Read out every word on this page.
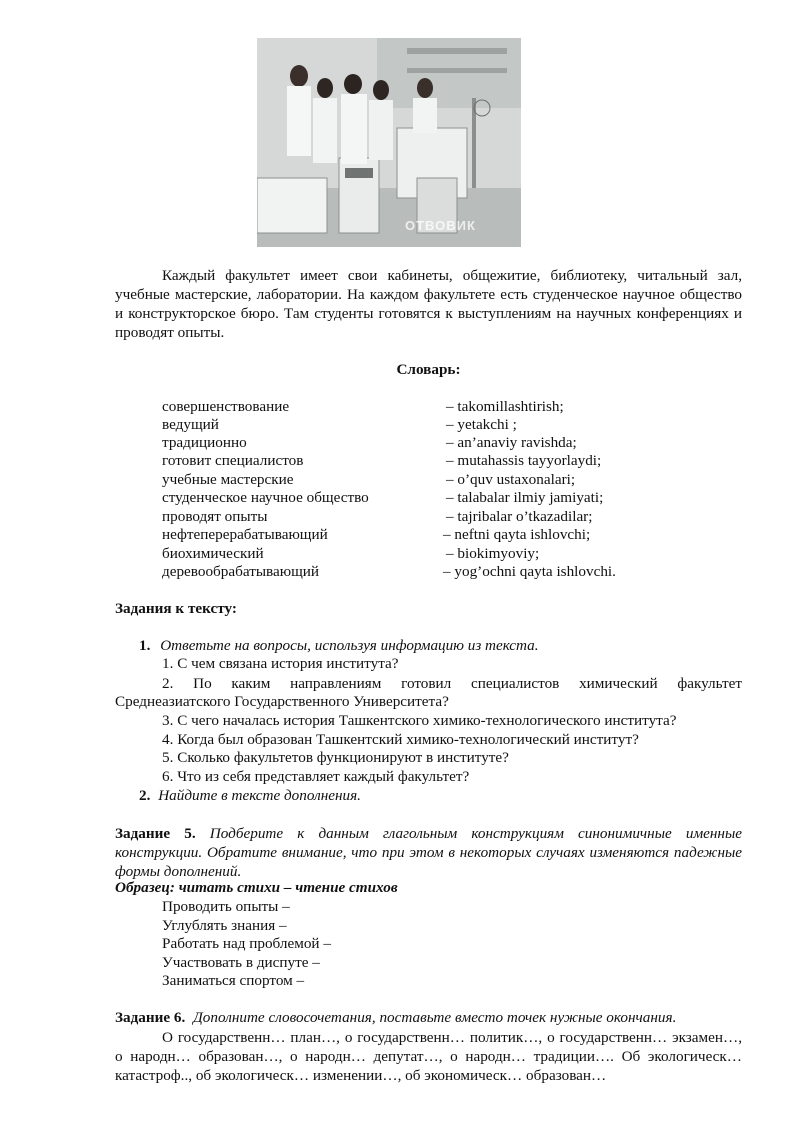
ОТВОВИК
Каждый факультет имеет свои кабинеты, общежитие, библиотеку, читальный зал, учебные мастерские, лаборатории. На каждом факультете есть студенческое научное общество и конструкторское бюро. Там студенты готовятся к выступлениям на научных конференциях и проводят опыты.
Словарь:
совершенствование	– takomillashtirish;
ведущий	– yetakchi ;
традиционно	– an’anaviy ravishda;
готовит специалистов	– mutahassis tayyorlaydi;
учебные мастерские	– o’quv ustaxonalari;
студенческое научное общество	– talabalar ilmiy jamiyati;
проводят опыты	– tajribalar o’tkazadilar;
нефтеперерабатывающий	– neftni qayta ishlovchi;
биохимический	– biokimyoviy;
деревообрабатывающий	– yog’ochni qayta ishlovchi.
Задания к тексту:
1. Ответьте на вопросы, используя информацию из текста.
1. С чем связана история института?
2. По каким направлениям готовил специалистов химический факультет
Среднеазиатского Государственного Университета?
3. С чего началась история Ташкентского химико-технологического института?
4. Когда был образован Ташкентский химико-технологический институт?
5. Сколько факультетов функционируют в институте?
6. Что из себя представляет каждый факультет?
2. Найдите в тексте дополнения.
Задание 5. Подберите к данным глагольным конструкциям синонимичные именные конструкции. Обратите внимание, что при этом в некоторых случаях изменяются падежные формы дополнений.
Образец: читать стихи – чтение стихов
Проводить опыты –
Углублять знания –
Работать над проблемой –
Участвовать в диспуте –
Заниматься спортом –
Задание 6. Дополните словосочетания, поставьте вместо точек нужные окончания.
О государственн… план…, о государственн… политик…, о государственн… экзамен…, о народн… образован…, о народн… депутат…, о народн… традиции…. Об экологическ… катастроф.., об экологическ… изменении…, об экономическ… образован…
